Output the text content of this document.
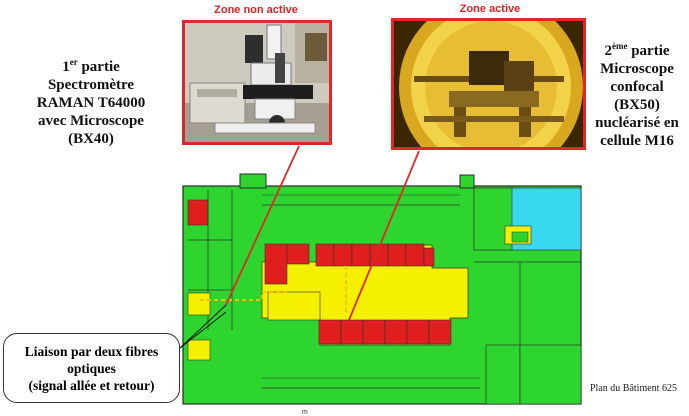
Zone non active	Zone active
1er partie
Spectromètre
RAMAN T64000
avec Microscope
(BX40)
2ème partie
Microscope
confocal
(BX50)
nucléarisé en
cellule M16
m
Liaison par deux fibres
optiques
(signal allée et retour)	Plan du Bâtiment 625
